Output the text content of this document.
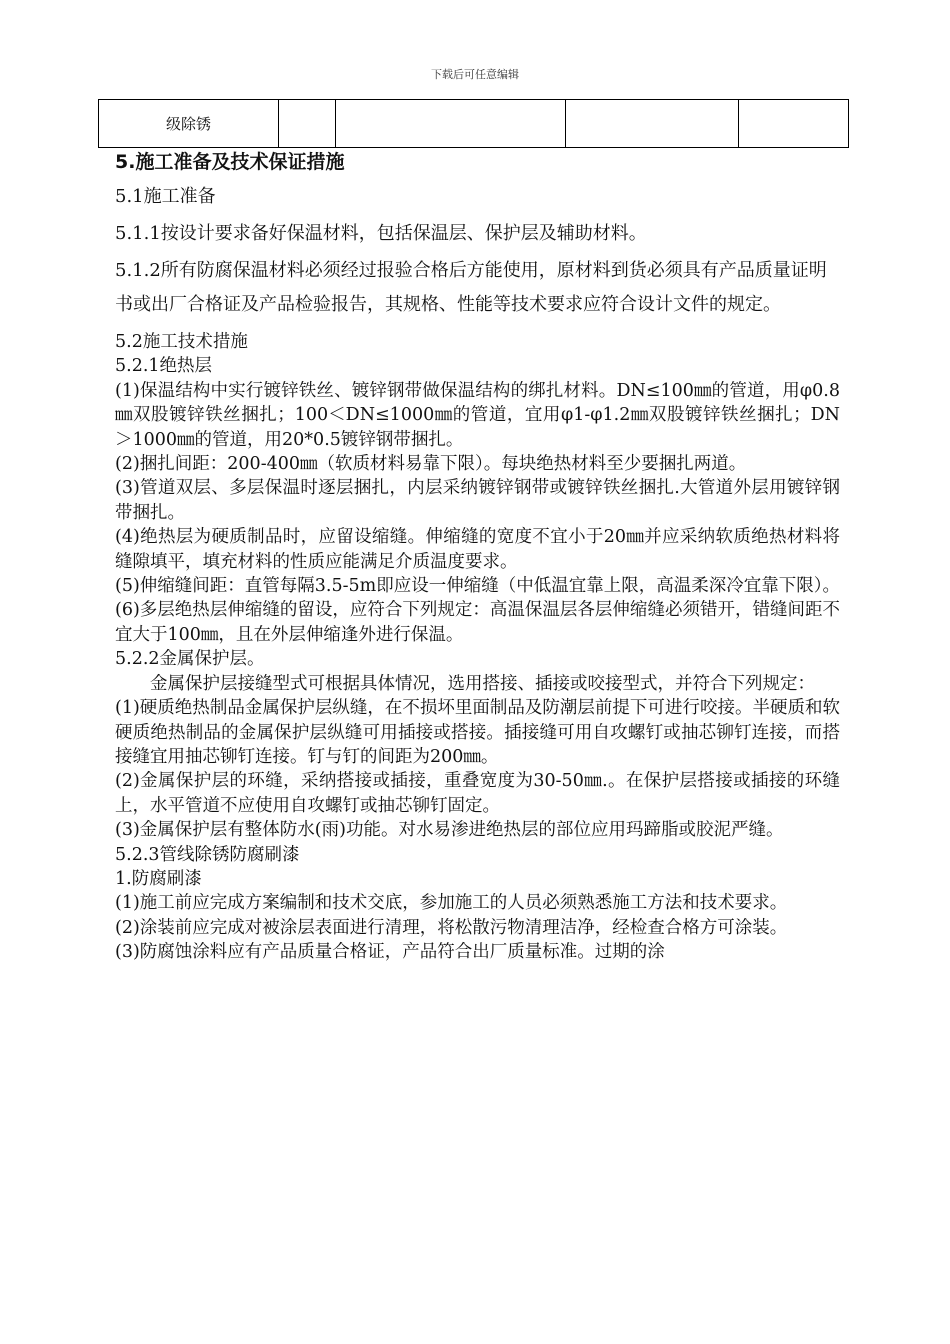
下载后可任意编辑
级除锈				
5.施工准备及技术保证措施
5.1施工准备
5.1.1按设计要求备好保温材料，包括保温层、保护层及辅助材料。
5.1.2所有防腐保温材料必须经过报验合格后方能使用，原材料到货必须具有产品质量证明书或出厂合格证及产品检验报告，其规格、性能等技术要求应符合设计文件的规定。
5.2施工技术措施
5.2.1绝热层
(1)保温结构中实行镀锌铁丝、镀锌钢带做保温结构的绑扎材料。DN≤100㎜的管道，用φ0.8㎜双股镀锌铁丝捆扎；100＜DN≤1000㎜的管道，宜用φ1-φ1.2㎜双股镀锌铁丝捆扎；DN＞1000㎜的管道，用20*0.5镀锌钢带捆扎。
(2)捆扎间距：200-400㎜（软质材料易靠下限）。每块绝热材料至少要捆扎两道。
(3)管道双层、多层保温时逐层捆扎，内层采纳镀锌钢带或镀锌铁丝捆扎.大管道外层用镀锌钢带捆扎。
(4)绝热层为硬质制品时，应留设缩缝。伸缩缝的宽度不宜小于20㎜并应采纳软质绝热材料将缝隙填平，填充材料的性质应能满足介质温度要求。
(5)伸缩缝间距：直管每隔3.5-5m即应设一伸缩缝（中低温宜靠上限，高温柔深冷宜靠下限）。
(6)多层绝热层伸缩缝的留设，应符合下列规定：高温保温层各层伸缩缝必须错开，错缝间距不宜大于100㎜，且在外层伸缩逢外进行保温。
5.2.2金属保护层。
金属保护层接缝型式可根据具体情况，选用搭接、插接或咬接型式，并符合下列规定：
(1)硬质绝热制品金属保护层纵缝，在不损坏里面制品及防潮层前提下可进行咬接。半硬质和软硬质绝热制品的金属保护层纵缝可用插接或搭接。插接缝可用自攻螺钉或抽芯铆钉连接，而搭接缝宜用抽芯铆钉连接。钉与钉的间距为200㎜。
(2)金属保护层的环缝，采纳搭接或插接，重叠宽度为30-50㎜.。在保护层搭接或插接的环缝上，水平管道不应使用自攻螺钉或抽芯铆钉固定。
(3)金属保护层有整体防水(雨)功能。对水易渗进绝热层的部位应用玛蹄脂或胶泥严缝。
5.2.3管线除锈防腐刷漆
1.防腐刷漆
(1)施工前应完成方案编制和技术交底，参加施工的人员必须熟悉施工方法和技术要求。
(2)涂装前应完成对被涂层表面进行清理，将松散污物清理洁净，经检查合格方可涂装。
(3)防腐蚀涂料应有产品质量合格证，产品符合出厂质量标准。过期的涂
